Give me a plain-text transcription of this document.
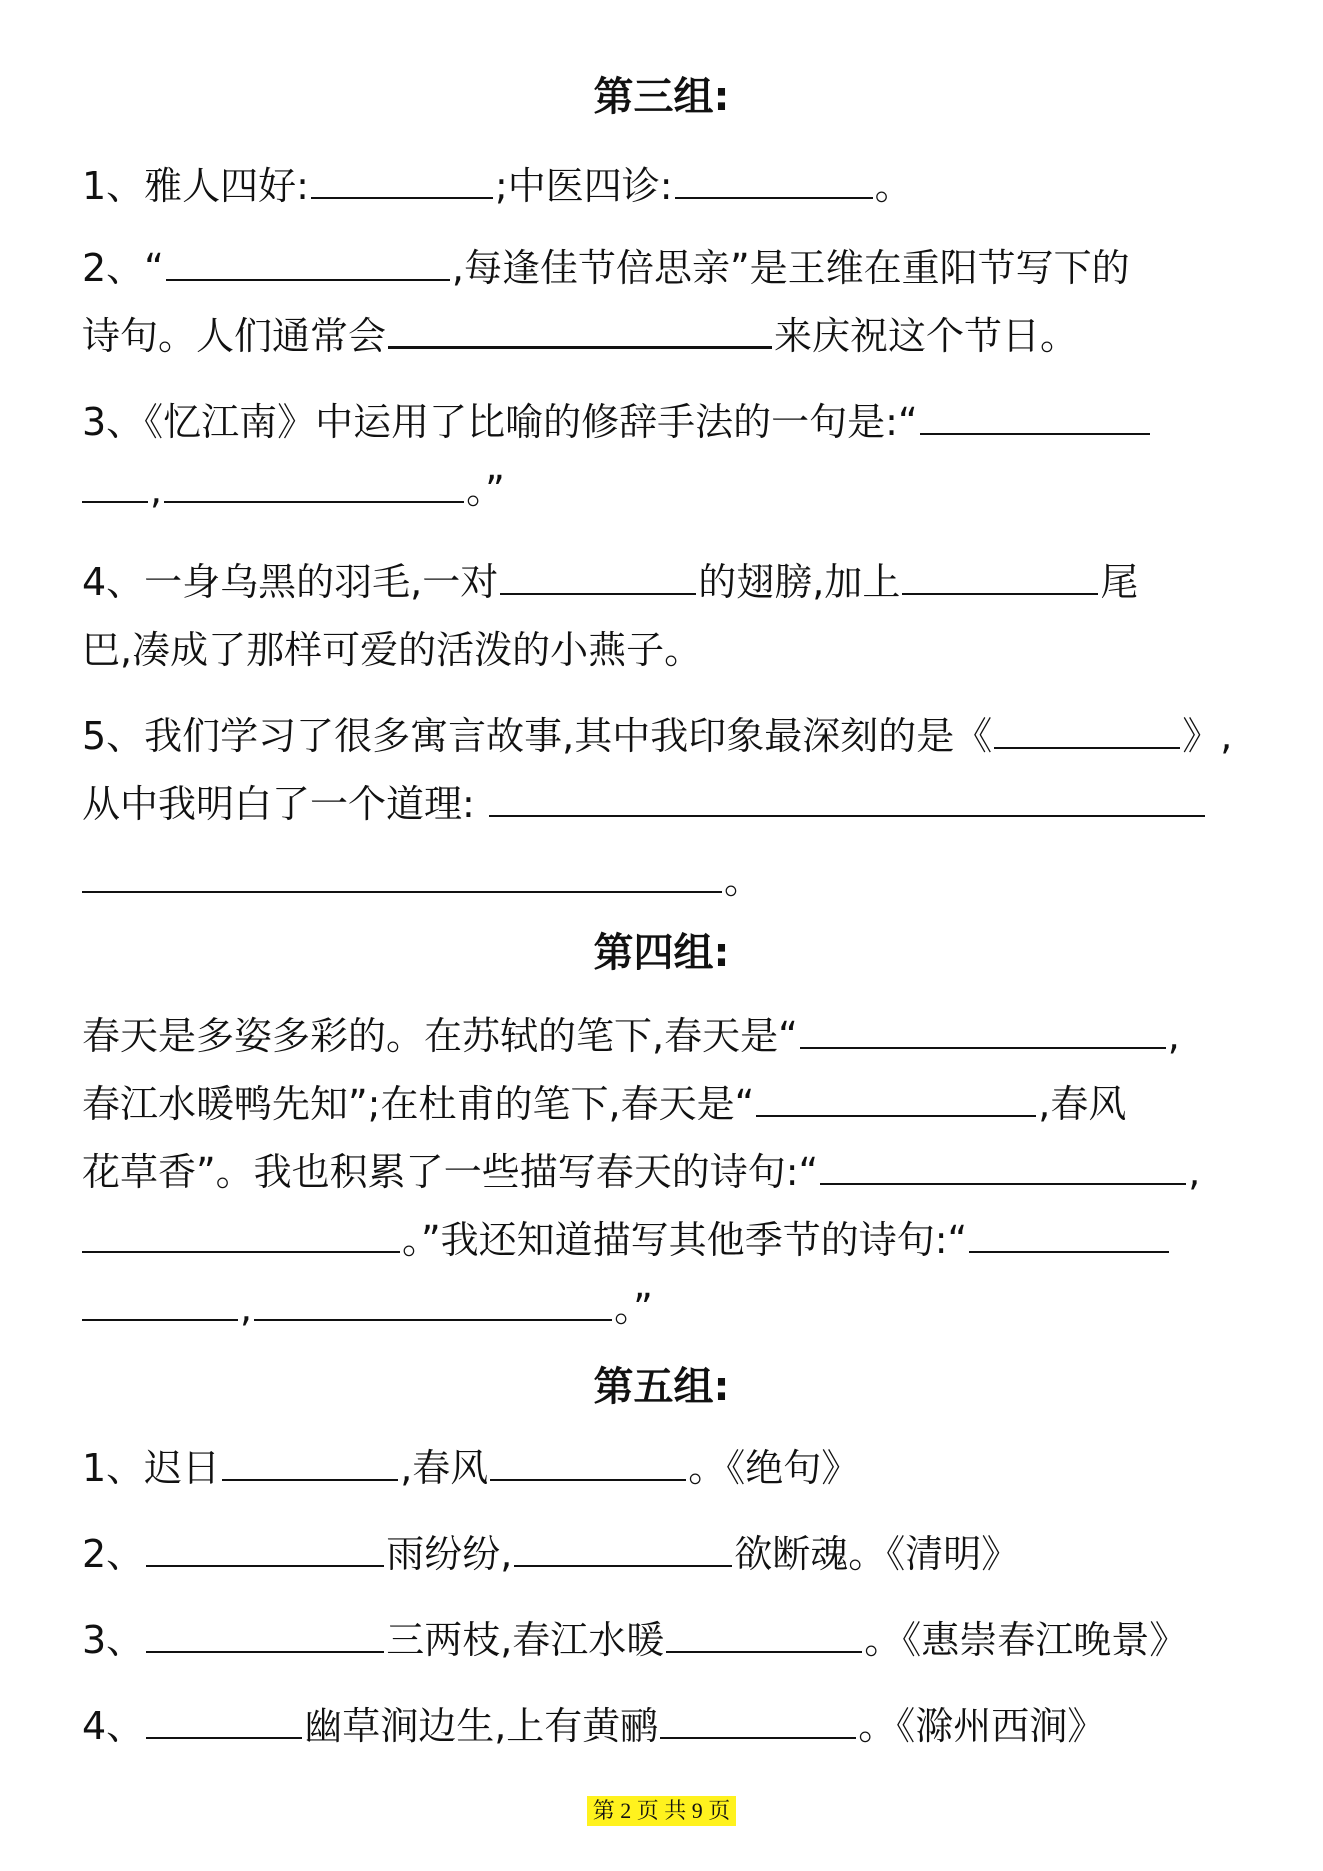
第三组:
1、雅人四好:	;中医四诊:	。
2、“	,每逢佳节倍思亲”是王维在重阳节写下的
诗句。人们通常会	来庆祝这个节日。
3、《忆江南》中运用了比喻的修辞手法的一句是:“
,	。”
4、一身乌黑的羽毛,一对	的翅膀,加上	尾
巴,凑成了那样可爱的活泼的小燕子。
5、我们学习了很多寓言故事,其中我印象最深刻的是《	》,
从中我明白了一个道理:
。
第四组:
春天是多姿多彩的。在苏轼的笔下,春天是“	,
春江水暖鸭先知”;在杜甫的笔下,春天是“	,春风
花草香”。我也积累了一些描写春天的诗句:“	,
。”我还知道描写其他季节的诗句:“
,	。”
第五组:
1、迟日	,春风	。《绝句》
2、	雨纷纷,	欲断魂。《清明》
3、	三两枝,春江水暖	。《惠崇春江晚景》
4、	幽草涧边生,上有黄鹂	。《滁州西涧》
第 2 页 共 9 页
